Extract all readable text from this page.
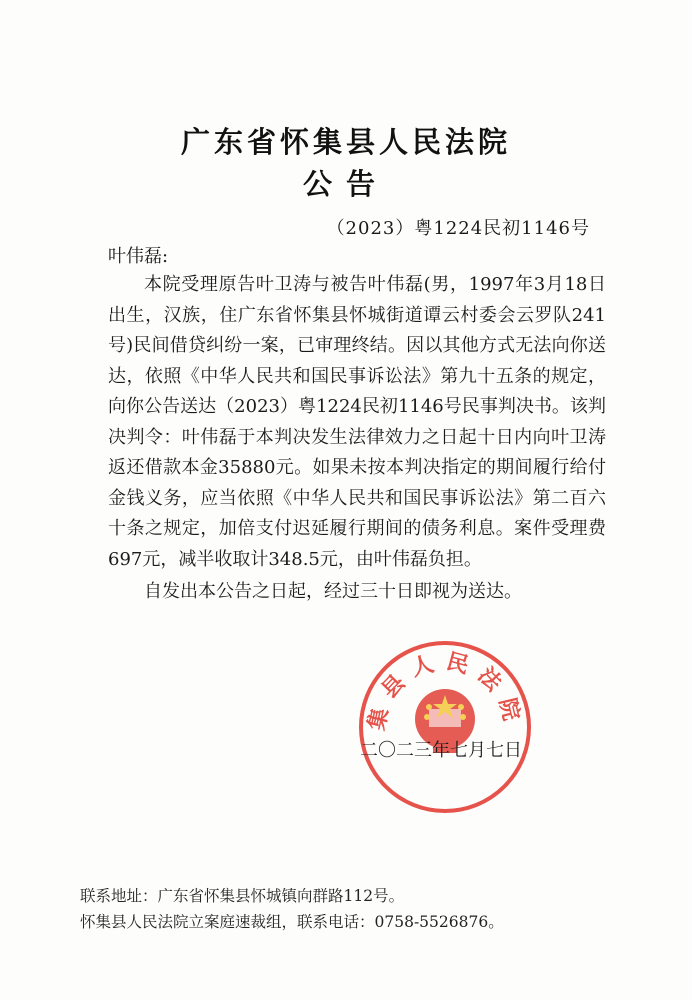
广东省怀集县人民法院
公告
（2023）粤1224民初1146号
叶伟磊:

本院受理原告叶卫涛与被告叶伟磊(男，1997年3月18日出生，汉族，住广东省怀集县怀城街道谭云村委会云罗队241号)民间借贷纠纷一案，已审理终结。因以其他方式无法向你送达，依照《中华人民共和国民事诉讼法》第九十五条的规定，向你公告送达（2023）粤1224民初1146号民事判决书。该判决判令：叶伟磊于本判决发生法律效力之日起十日内向叶卫涛返还借款本金35880元。如果未按本判决指定的期间履行给付金钱义务，应当依照《中华人民共和国民事诉讼法》第二百六十条之规定，加倍支付迟延履行期间的债务利息。案件受理费697元，减半收取计348.5元，由叶伟磊负担。

自发出本公告之日起，经过三十日即视为送达。

集县人民法院
二〇二三年七月七日
联系地址：广东省怀集县怀城镇向群路112号。
怀集县人民法院立案庭速裁组，联系电话：0758-5526876。
